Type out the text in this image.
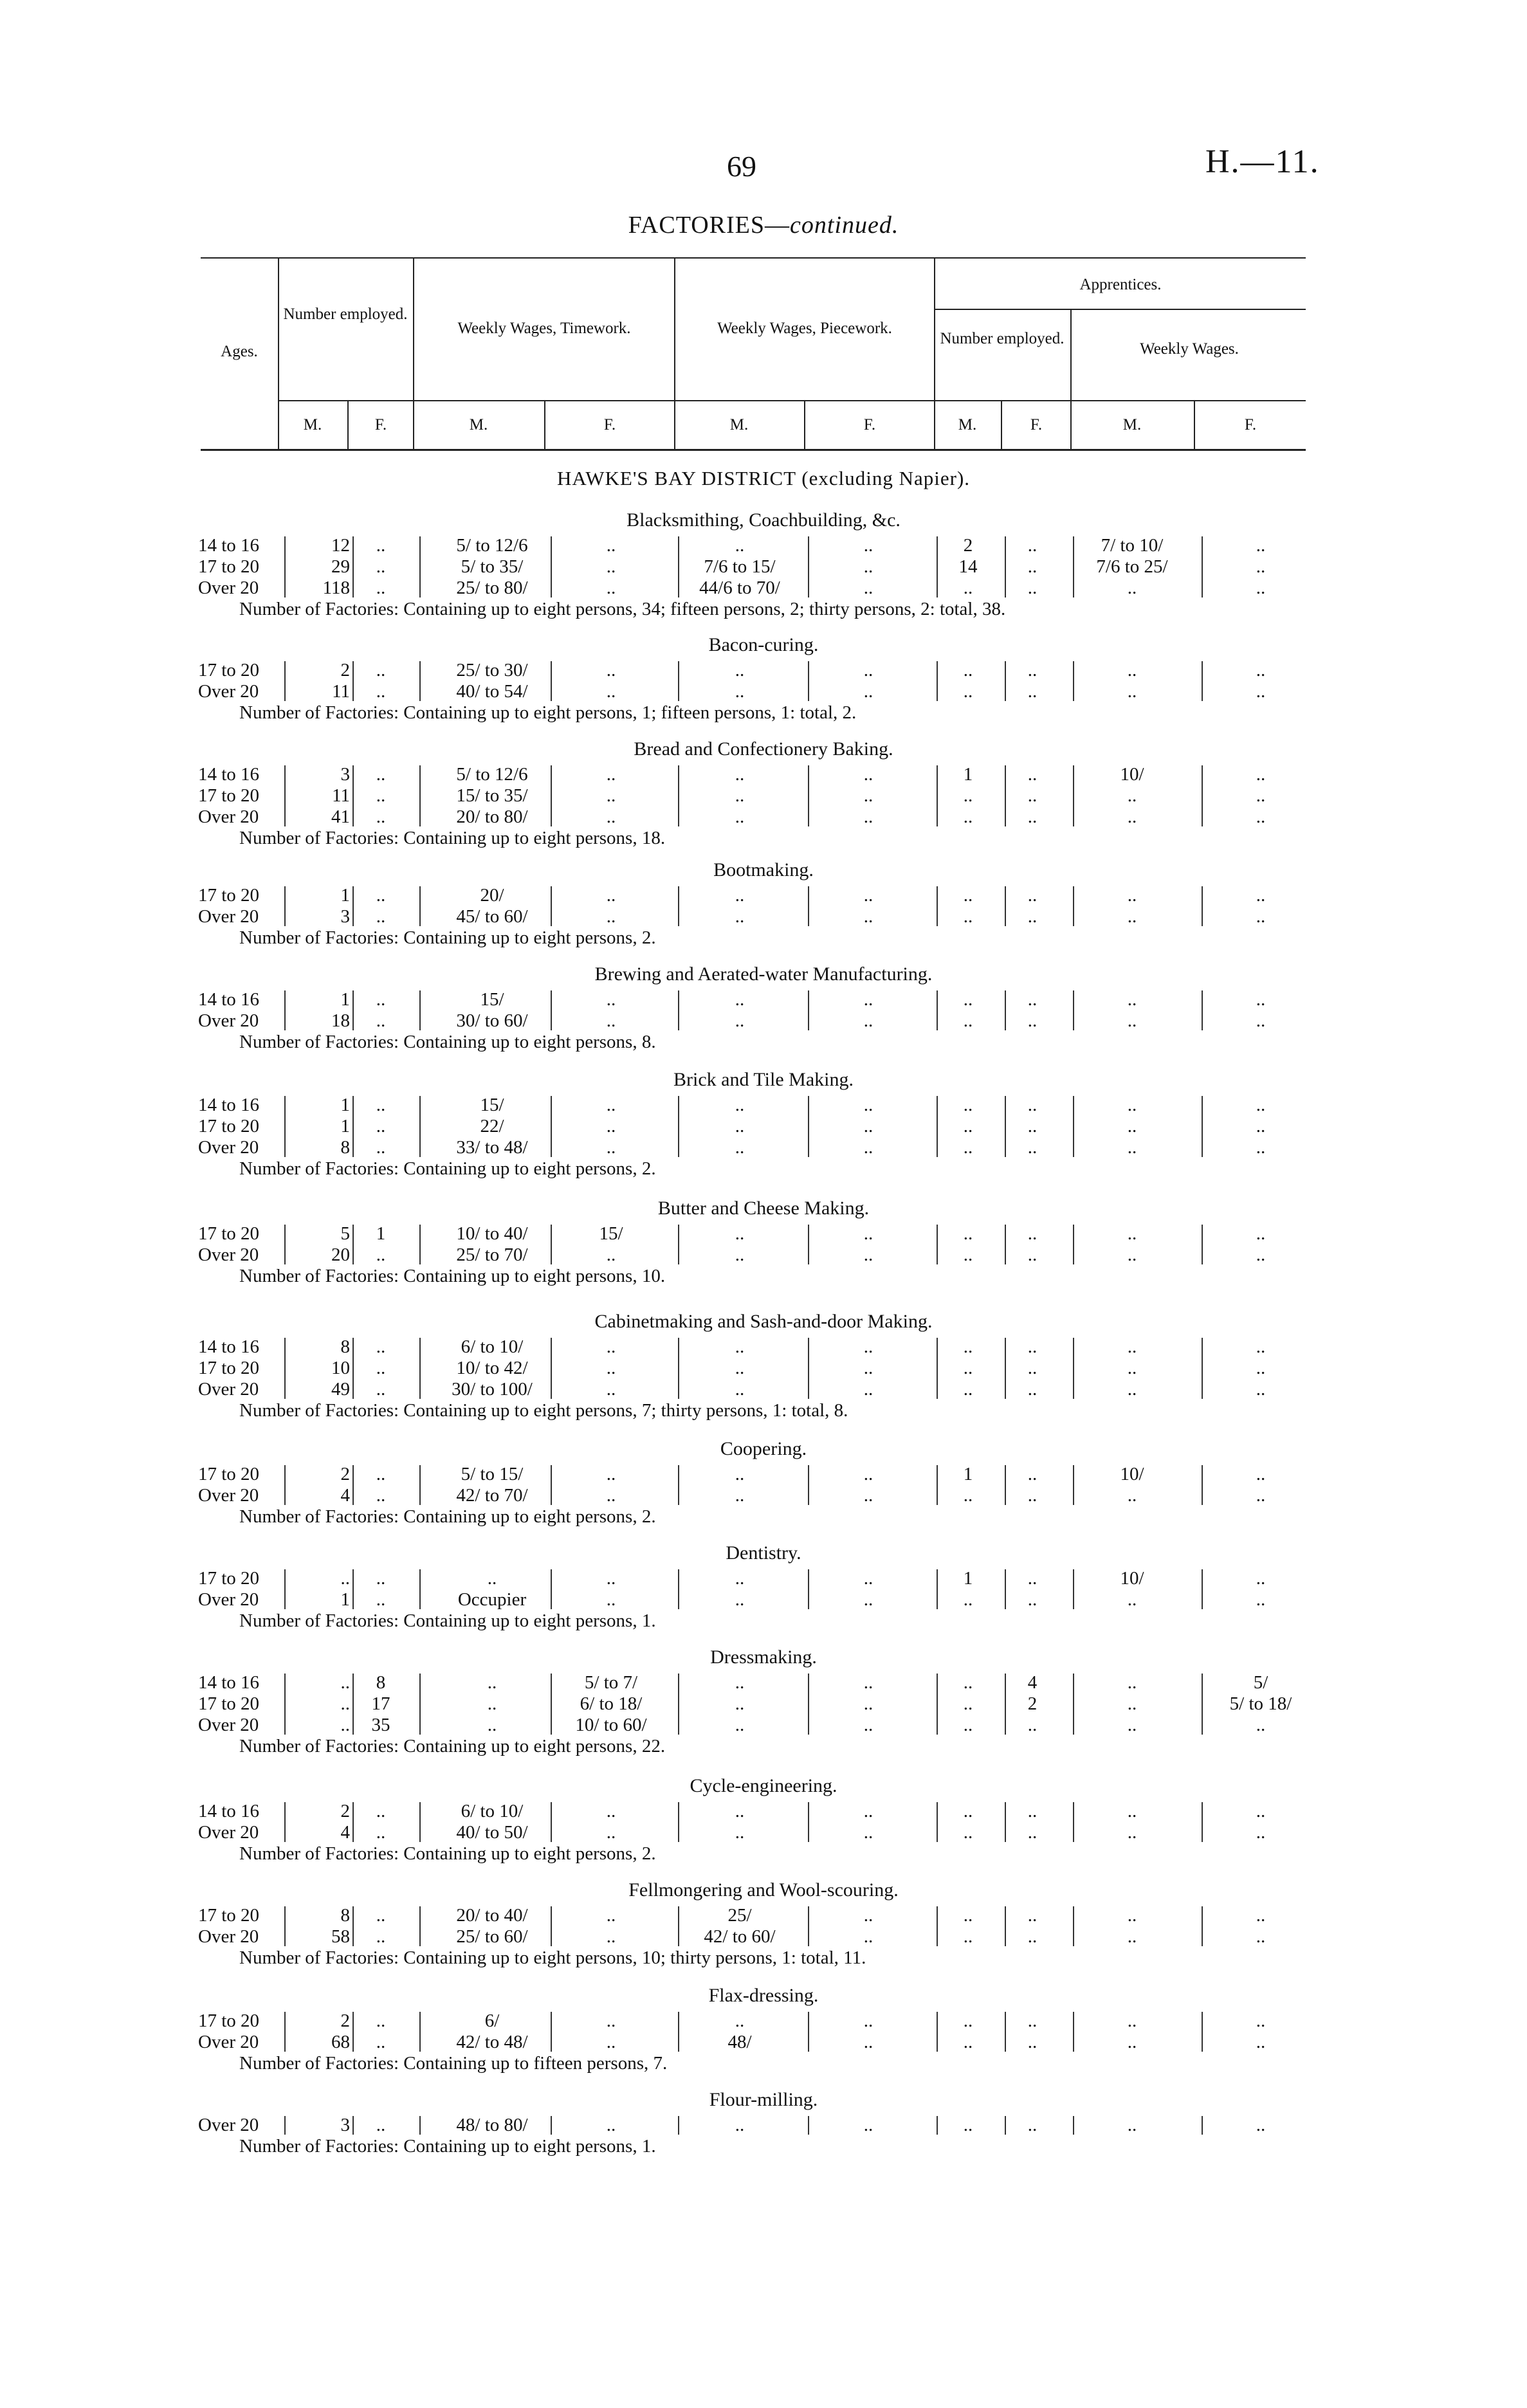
69	H.—11.
FACTORIES—continued.
Ages.
Number employed.
Weekly Wages, Timework.	Weekly Wages, Piecework.
Apprentices.
Number employed.
Weekly Wages.
M.	F.	M.	F.	M.	F.	M.	F.	M.	F.
HAWKE'S BAY DISTRICT (excluding Napier).
Blacksmithing, Coachbuilding, &c.
14 to 16	12	..	5/ to 12/6	..	..	..	2	..	7/ to 10/	..
17 to 20	29	..	5/ to 35/	..	7/6 to 15/	..	14	..	7/6 to 25/	..
Over 20	118	..	25/ to 80/	..	44/6 to 70/	..	..	..	..	..
Number of Factories: Containing up to eight persons, 34; fifteen persons, 2; thirty persons, 2: total, 38.
Bacon-curing.
17 to 20	2	..	25/ to 30/	..	..	..	..	..	..	..
Over 20	11	..	40/ to 54/	..	..	..	..	..	..	..
Number of Factories: Containing up to eight persons, 1; fifteen persons, 1: total, 2.
Bread and Confectionery Baking.
14 to 16	3	..	5/ to 12/6	..	..	..	1	..	10/	..
17 to 20	11	..	15/ to 35/	..	..	..	..	..	..	..
Over 20	41	..	20/ to 80/	..	..	..	..	..	..	..
Number of Factories: Containing up to eight persons, 18.
Bootmaking.
17 to 20	1	..	20/	..	..	..	..	..	..	..
Over 20	3	..	45/ to 60/	..	..	..	..	..	..	..
Number of Factories: Containing up to eight persons, 2.
Brewing and Aerated-water Manufacturing.
14 to 16	1	..	15/	..	..	..	..	..	..	..
Over 20	18	..	30/ to 60/	..	..	..	..	..	..	..
Number of Factories: Containing up to eight persons, 8.
Brick and Tile Making.
14 to 16	1	..	15/	..	..	..	..	..	..	..
17 to 20	1	..	22/	..	..	..	..	..	..	..
Over 20	8	..	33/ to 48/	..	..	..	..	..	..	..
Number of Factories: Containing up to eight persons, 2.
Butter and Cheese Making.
17 to 20	5	1	10/ to 40/	15/	..	..	..	..	..	..
Over 20	20	..	25/ to 70/	..	..	..	..	..	..	..
Number of Factories: Containing up to eight persons, 10.
Cabinetmaking and Sash-and-door Making.
14 to 16	8	..	6/ to 10/	..	..	..	..	..	..	..
17 to 20	10	..	10/ to 42/	..	..	..	..	..	..	..
Over 20	49	..	30/ to 100/	..	..	..	..	..	..	..
Number of Factories: Containing up to eight persons, 7; thirty persons, 1: total, 8.
Coopering.
17 to 20	2	..	5/ to 15/	..	..	..	1	..	10/	..
Over 20	4	..	42/ to 70/	..	..	..	..	..	..	..
Number of Factories: Containing up to eight persons, 2.
Dentistry.
17 to 20	..	..	..	..	..	..	1	..	10/	..
Over 20	1	..	Occupier	..	..	..	..	..	..	..
Number of Factories: Containing up to eight persons, 1.
Dressmaking.
14 to 16	..	8	..	5/ to 7/	..	..	..	4	..	5/
17 to 20	..	17	..	6/ to 18/	..	..	..	2	..	5/ to 18/
Over 20	..	35	..	10/ to 60/	..	..	..	..	..	..
Number of Factories: Containing up to eight persons, 22.
Cycle-engineering.
14 to 16	2	..	6/ to 10/	..	..	..	..	..	..	..
Over 20	4	..	40/ to 50/	..	..	..	..	..	..	..
Number of Factories: Containing up to eight persons, 2.
Fellmongering and Wool-scouring.
17 to 20	8	..	20/ to 40/	..	25/	..	..	..	..	..
Over 20	58	..	25/ to 60/	..	42/ to 60/	..	..	..	..	..
Number of Factories: Containing up to eight persons, 10; thirty persons, 1: total, 11.
Flax-dressing.
17 to 20	2	..	6/	..	..	..	..	..	..	..
Over 20	68	..	42/ to 48/	..	48/	..	..	..	..	..
Number of Factories: Containing up to fifteen persons, 7.
Flour-milling.
Over 20	3	..	48/ to 80/	..	..	..	..	..	..	..
Number of Factories: Containing up to eight persons, 1.
